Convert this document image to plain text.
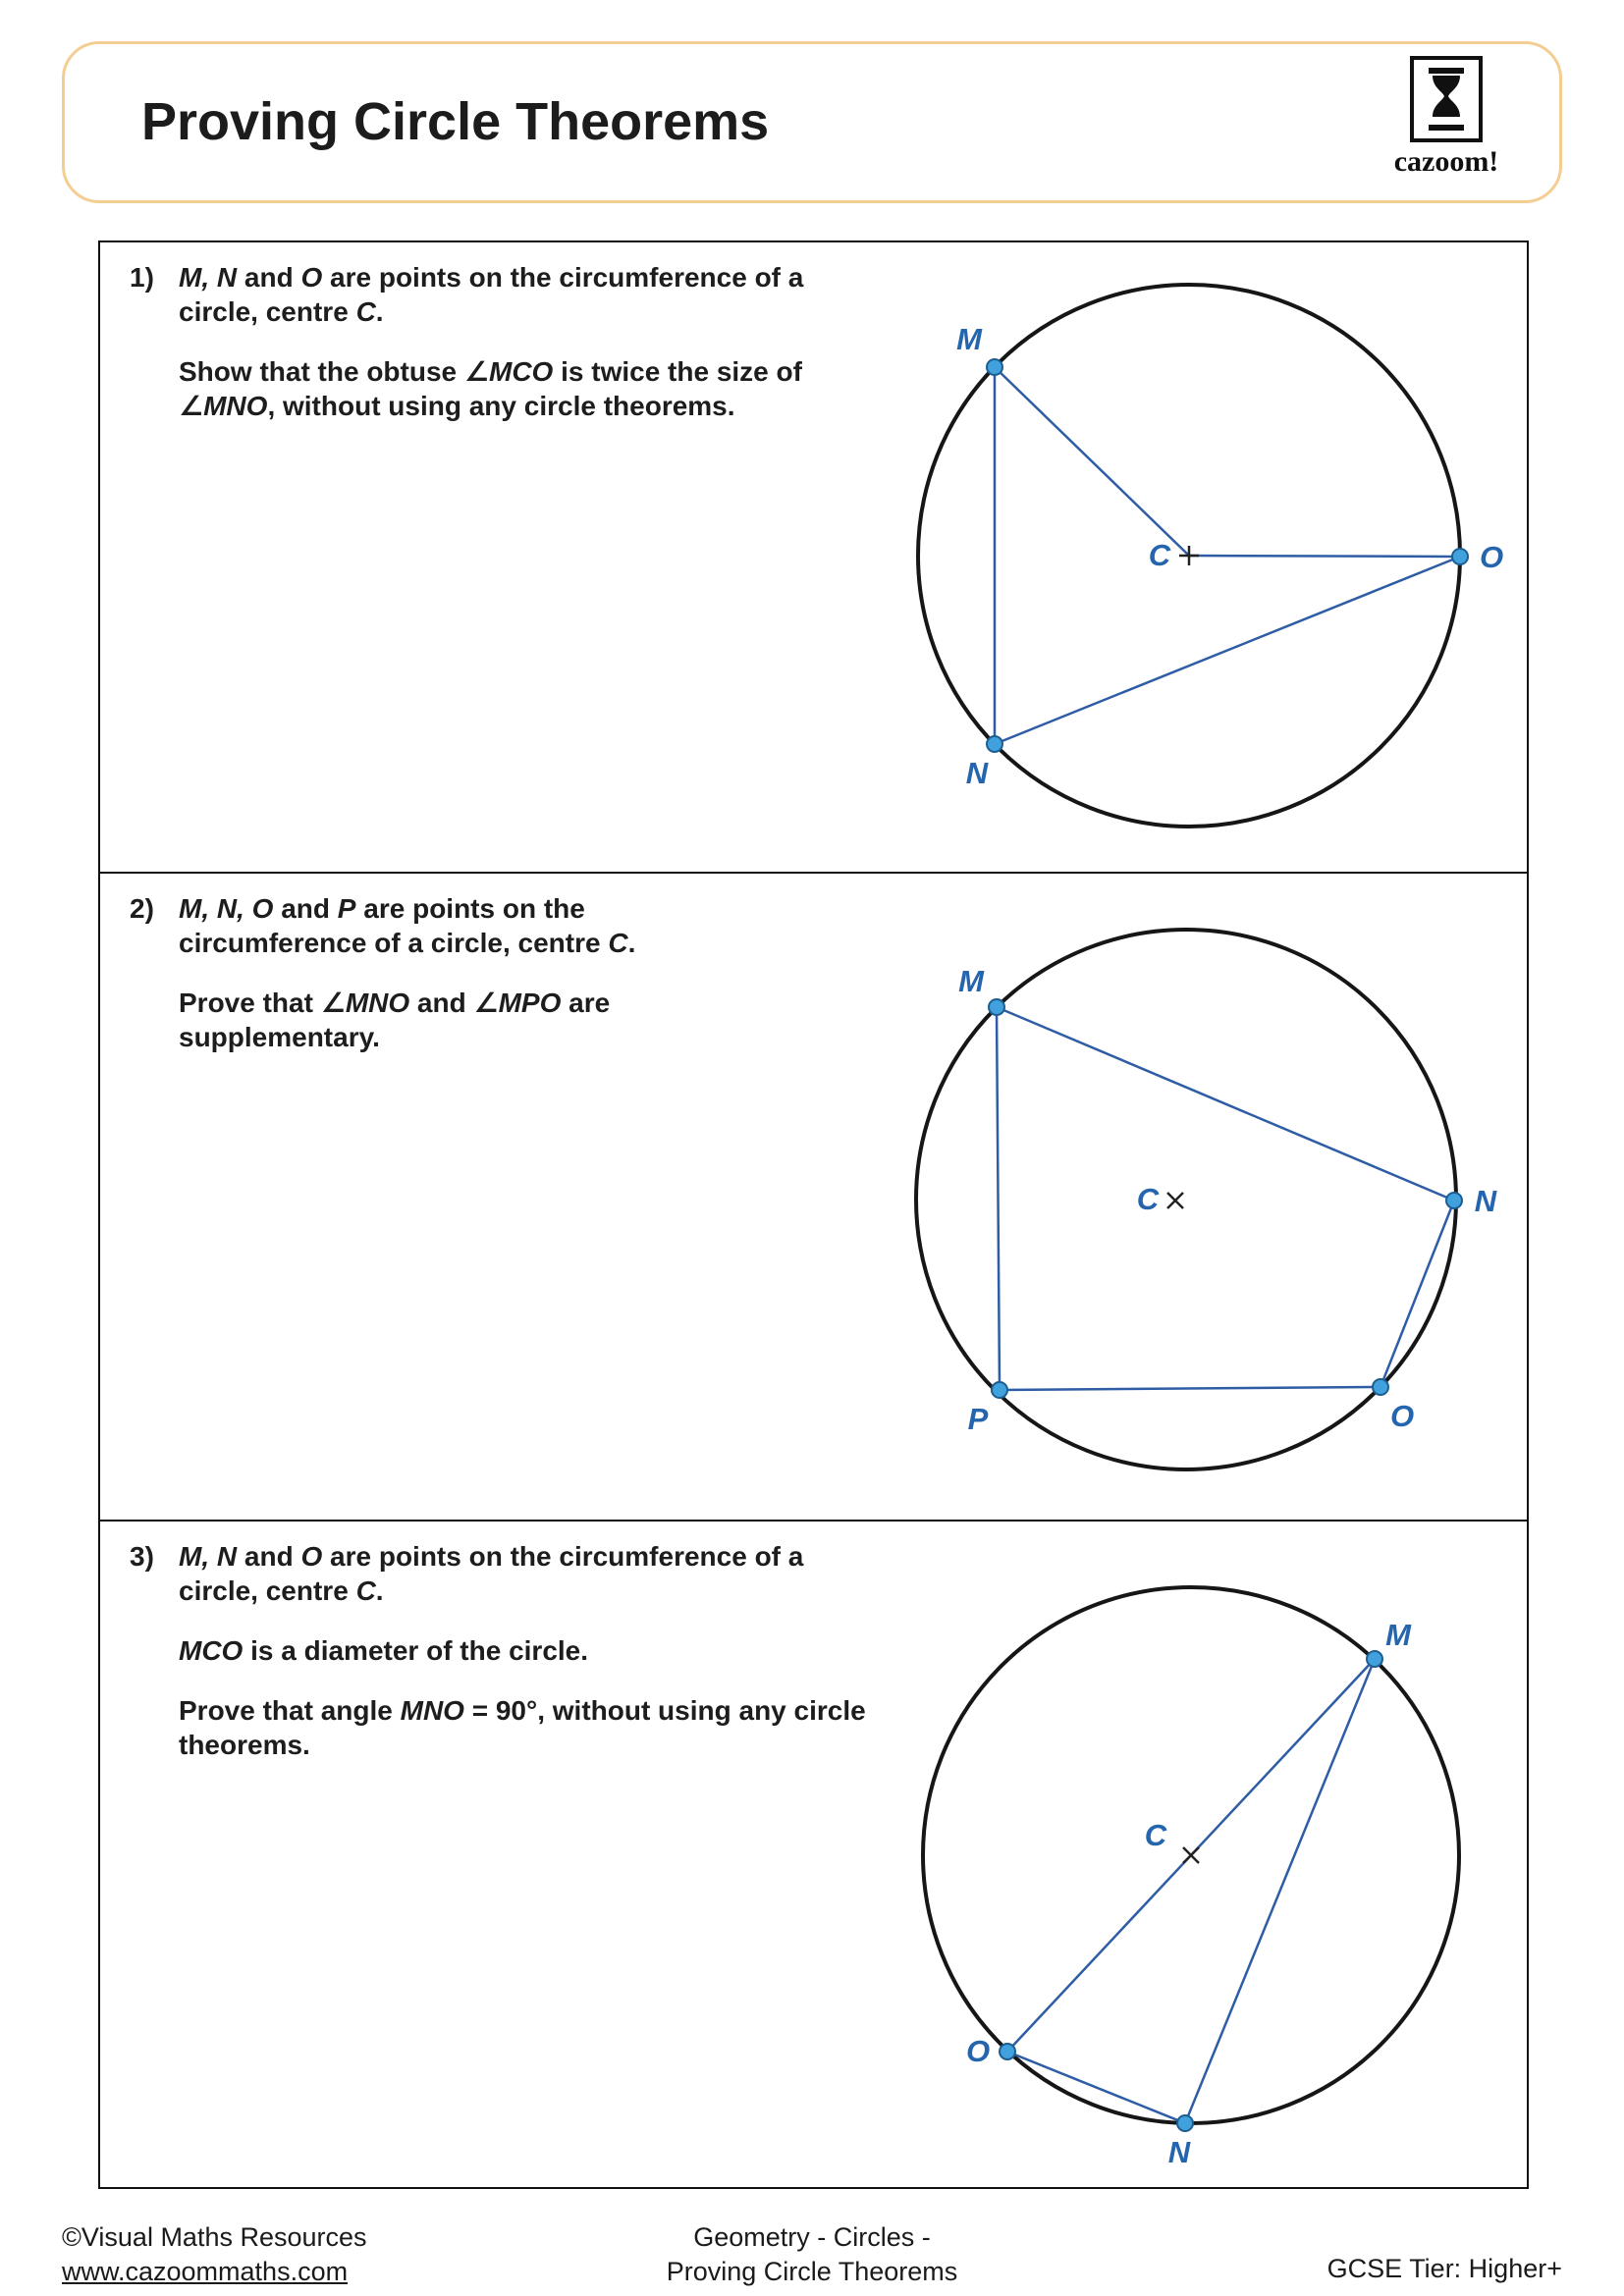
Proving Circle Theorems
cazoom!
1) M, N and O are points on the circumference of a circle, centre C.

Show that the obtuse ∠MCO is twice the size of ∠MNO, without using any circle theorems.

M
O
N
C
2) M, N, O and P are points on the circumference of a circle, centre C.

Prove that ∠MNO and ∠MPO are supplementary.

M
N
O
P
C
3) M, N and O are points on the circumference of a circle, centre C.

MCO is a diameter of the circle.

Prove that angle MNO = 90°, without using any circle theorems.

M
O
N
C
©Visual Maths Resources
www.cazoommaths.com
Geometry - Circles -
Proving Circle Theorems	GCSE Tier: Higher+
